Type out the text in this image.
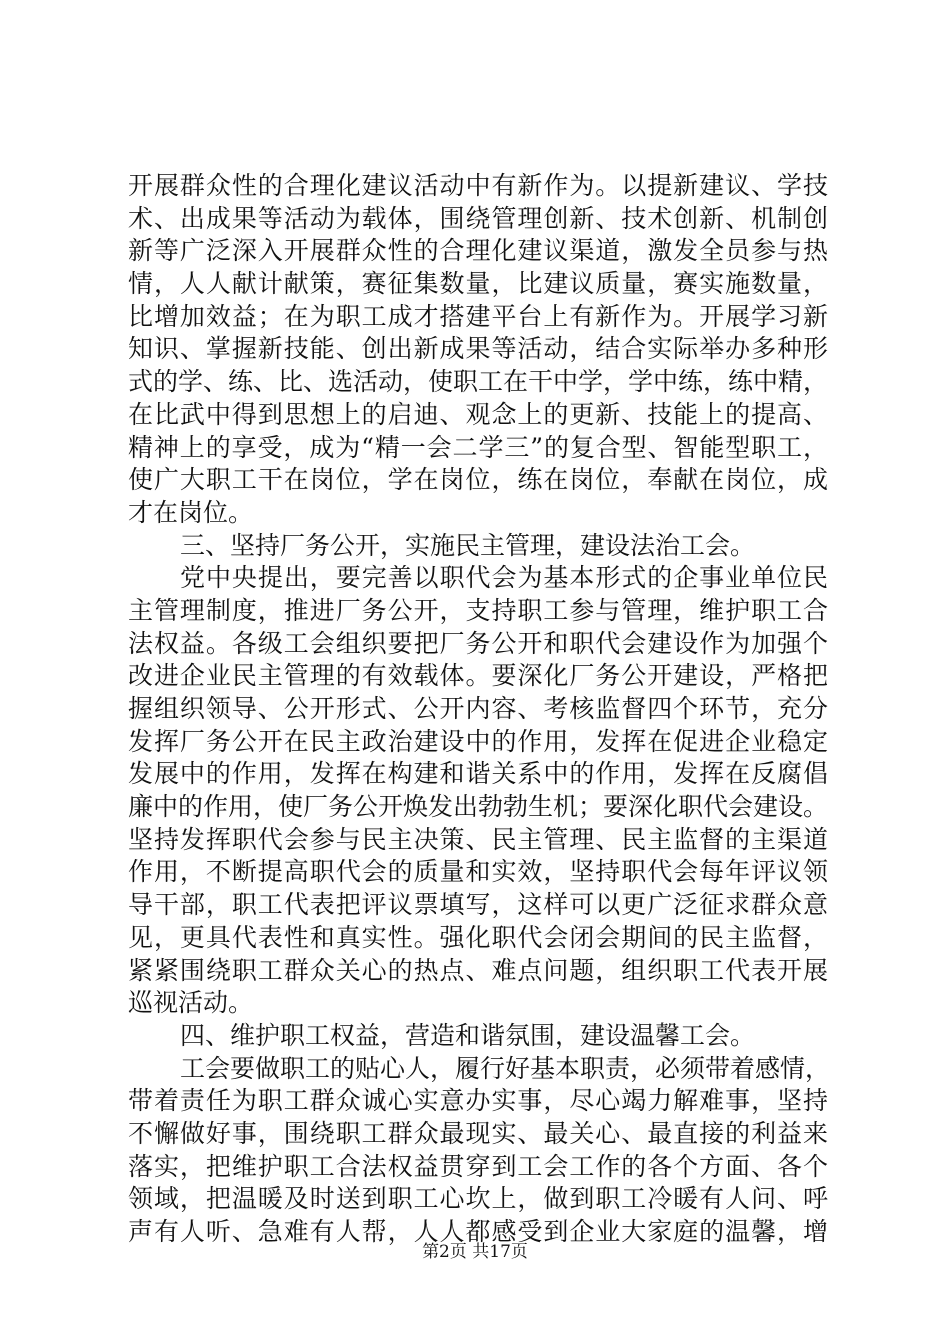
开展群众性的合理化建议活动中有新作为。以提新建议、学技
术、出成果等活动为载体，围绕管理创新、技术创新、机制创
新等广泛深入开展群众性的合理化建议渠道，激发全员参与热
情，人人献计献策，赛征集数量，比建议质量，赛实施数量，
比增加效益；在为职工成才搭建平台上有新作为。开展学习新
知识、掌握新技能、创出新成果等活动，结合实际举办多种形
式的学、练、比、选活动，使职工在干中学，学中练，练中精，
在比武中得到思想上的启迪、观念上的更新、技能上的提高、
精神上的享受，成为“精一会二学三”的复合型、智能型职工，
使广大职工干在岗位，学在岗位，练在岗位，奉献在岗位，成
才在岗位。
三、坚持厂务公开，实施民主管理，建设法治工会。
党中央提出，要完善以职代会为基本形式的企事业单位民
主管理制度，推进厂务公开，支持职工参与管理，维护职工合
法权益。各级工会组织要把厂务公开和职代会建设作为加强个
改进企业民主管理的有效载体。要深化厂务公开建设，严格把
握组织领导、公开形式、公开内容、考核监督四个环节，充分
发挥厂务公开在民主政治建设中的作用，发挥在促进企业稳定
发展中的作用，发挥在构建和谐关系中的作用，发挥在反腐倡
廉中的作用，使厂务公开焕发出勃勃生机；要深化职代会建设。
坚持发挥职代会参与民主决策、民主管理、民主监督的主渠道
作用，不断提高职代会的质量和实效，坚持职代会每年评议领
导干部，职工代表把评议票填写，这样可以更广泛征求群众意
见，更具代表性和真实性。强化职代会闭会期间的民主监督，
紧紧围绕职工群众关心的热点、难点问题，组织职工代表开展
巡视活动。
四、维护职工权益，营造和谐氛围，建设温馨工会。
工会要做职工的贴心人，履行好基本职责，必须带着感情，
带着责任为职工群众诚心实意办实事，尽心竭力解难事，坚持
不懈做好事，围绕职工群众最现实、最关心、最直接的利益来
落实，把维护职工合法权益贯穿到工会工作的各个方面、各个
领域，把温暖及时送到职工心坎上，做到职工冷暖有人问、呼
声有人听、急难有人帮，人人都感受到企业大家庭的温馨，增
第2页 共17页
